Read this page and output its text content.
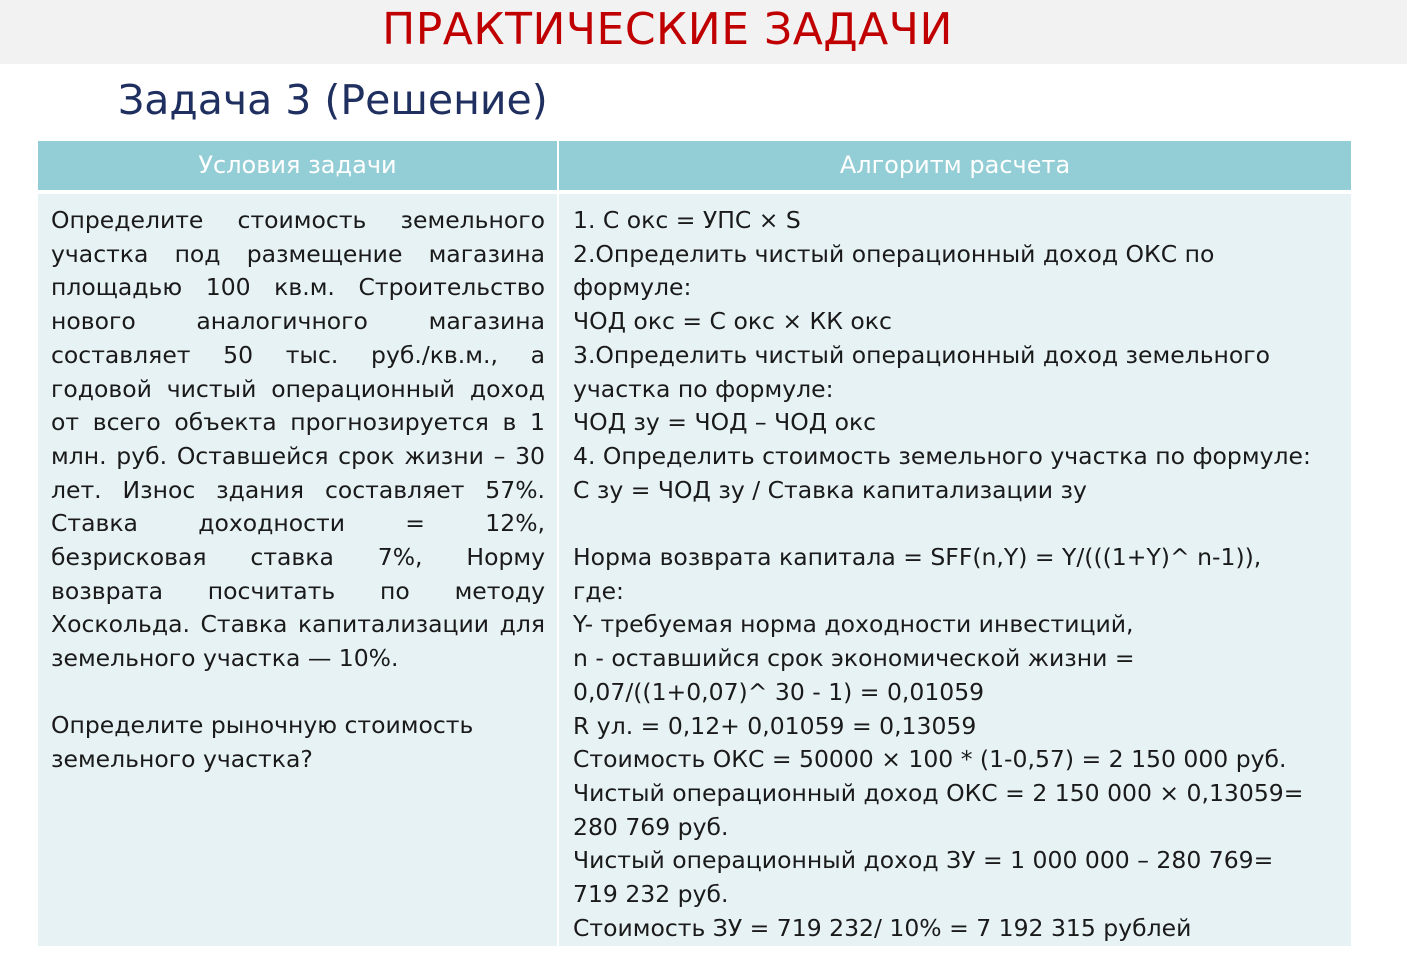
ПРАКТИЧЕСКИЕ ЗАДАЧИ
Задача 3 (Решение)
Условия задачи	Алгоритм расчета

Определите стоимость земельного участка под размещение магазина площадью 100 кв.м. Строительство нового аналогичного магазина составляет 50 тыс. руб./кв.м., а годовой чистый операционный доход от всего объекта прогнозируется в 1 млн. руб. Оставшейся срок жизни – 30 лет. Износ здания составляет 57%. Ставка доходности = 12%, безрисковая ставка 7%, Норму возврата посчитать по методу Хоскольда. Ставка капитализации для земельного участка — 10%.

Определите рыночную стоимость земельного участка?

1. С окс = УПС × S
2.Определить чистый операционный доход ОКС по
формуле:
ЧОД окс = С окс × КК окс
3.Определить чистый операционный доход земельного
участка по формуле:
ЧОД зу = ЧОД – ЧОД окс
4. Определить стоимость земельного участка по формуле:
С зу = ЧОД зу / Ставка капитализации зу
Норма возврата капитала = SFF(n,Y) = Y/(((1+Y)^ n-1)),
где:
Y- требуемая норма доходности инвестиций,
n - оставшийся срок экономической жизни =
0,07/((1+0,07)^ 30 - 1) = 0,01059
R ул. = 0,12+ 0,01059 = 0,13059
Стоимость ОКС = 50000 × 100 * (1-0,57) = 2 150 000 руб.
Чистый операционный доход ОКС = 2 150 000 × 0,13059=
280 769 руб.
Чистый операционный доход ЗУ = 1 000 000 – 280 769=
719 232 руб.
Стоимость ЗУ = 719 232/ 10% = 7 192 315 рублей
